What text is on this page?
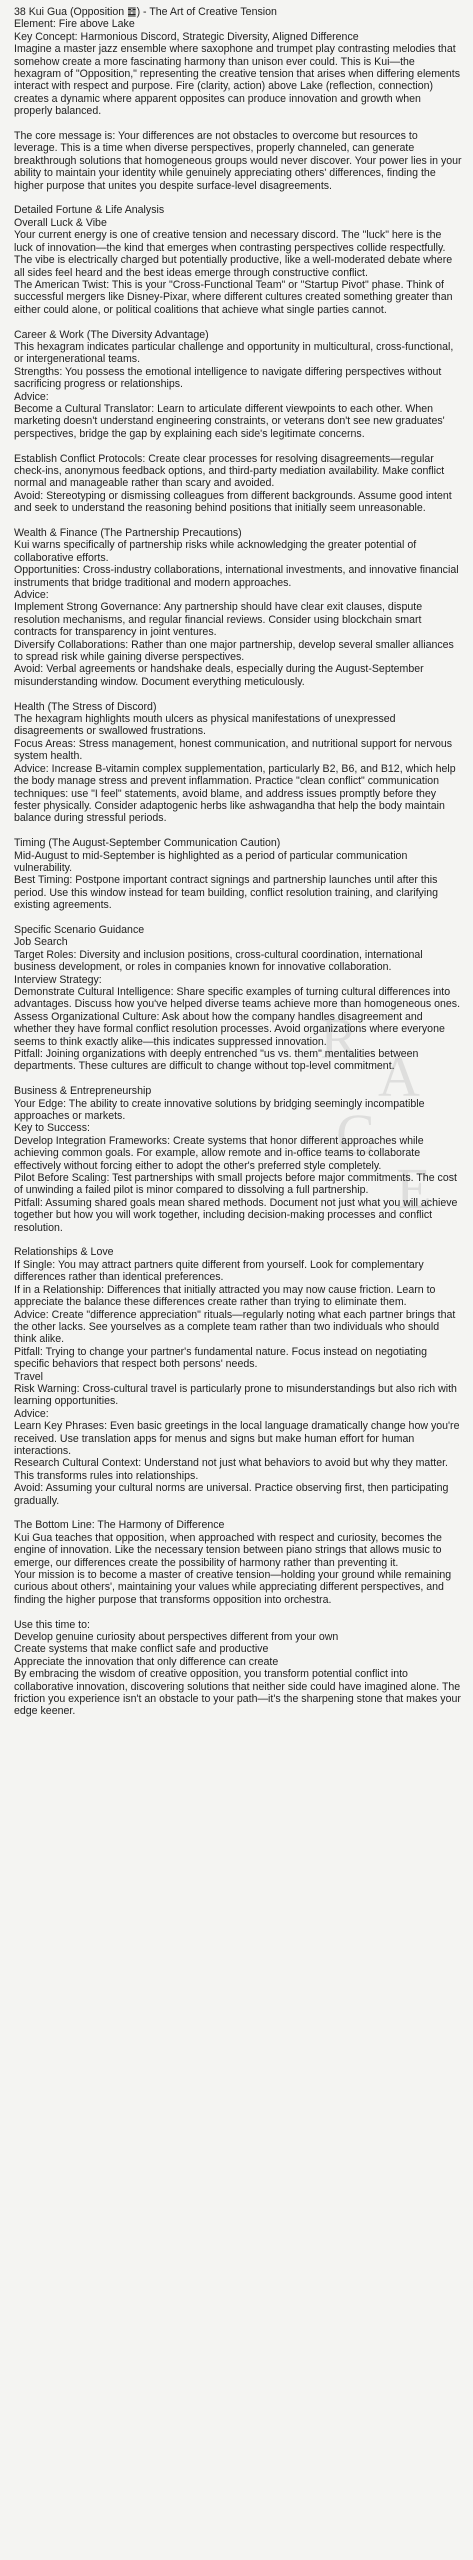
R
A
C
E

38 Kui Gua (Opposition ䷥) - The Art of Creative Tension

Element: Fire above Lake

Key Concept: Harmonious Discord, Strategic Diversity, Aligned Difference

Imagine a master jazz ensemble where saxophone and trumpet play contrasting melodies that somehow create a more fascinating harmony than unison ever could. This is Kui—the hexagram of "Opposition," representing the creative tension that arises when differing elements interact with respect and purpose. Fire (clarity, action) above Lake (reflection, connection) creates a dynamic where apparent opposites can produce innovation and growth when properly balanced.

The core message is: Your differences are not obstacles to overcome but resources to leverage. This is a time when diverse perspectives, properly channeled, can generate breakthrough solutions that homogeneous groups would never discover. Your power lies in your ability to maintain your identity while genuinely appreciating others' differences, finding the higher purpose that unites you despite surface-level disagreements.

Detailed Fortune & Life Analysis

Overall Luck & Vibe

Your current energy is one of creative tension and necessary discord. The "luck" here is the luck of innovation—the kind that emerges when contrasting perspectives collide respectfully. The vibe is electrically charged but potentially productive, like a well-moderated debate where all sides feel heard and the best ideas emerge through constructive conflict.

The American Twist: This is your "Cross-Functional Team" or "Startup Pivot" phase. Think of successful mergers like Disney-Pixar, where different cultures created something greater than either could alone, or political coalitions that achieve what single parties cannot.

Career & Work (The Diversity Advantage)

This hexagram indicates particular challenge and opportunity in multicultural, cross-functional, or intergenerational teams.

Strengths: You possess the emotional intelligence to navigate differing perspectives without sacrificing progress or relationships.

Advice:

Become a Cultural Translator: Learn to articulate different viewpoints to each other. When marketing doesn't understand engineering constraints, or veterans don't see new graduates' perspectives, bridge the gap by explaining each side's legitimate concerns.

Establish Conflict Protocols: Create clear processes for resolving disagreements—regular check-ins, anonymous feedback options, and third-party mediation availability. Make conflict normal and manageable rather than scary and avoided.

Avoid: Stereotyping or dismissing colleagues from different backgrounds. Assume good intent and seek to understand the reasoning behind positions that initially seem unreasonable.

Wealth & Finance (The Partnership Precautions)

Kui warns specifically of partnership risks while acknowledging the greater potential of collaborative efforts.

Opportunities: Cross-industry collaborations, international investments, and innovative financial instruments that bridge traditional and modern approaches.

Advice:

Implement Strong Governance: Any partnership should have clear exit clauses, dispute resolution mechanisms, and regular financial reviews. Consider using blockchain smart contracts for transparency in joint ventures.

Diversify Collaborations: Rather than one major partnership, develop several smaller alliances to spread risk while gaining diverse perspectives.

Avoid: Verbal agreements or handshake deals, especially during the August-September misunderstanding window. Document everything meticulously.

Health (The Stress of Discord)

The hexagram highlights mouth ulcers as physical manifestations of unexpressed disagreements or swallowed frustrations.

Focus Areas: Stress management, honest communication, and nutritional support for nervous system health.

Advice: Increase B-vitamin complex supplementation, particularly B2, B6, and B12, which help the body manage stress and prevent inflammation. Practice "clean conflict" communication techniques: use "I feel" statements, avoid blame, and address issues promptly before they fester physically. Consider adaptogenic herbs like ashwagandha that help the body maintain balance during stressful periods.

Timing (The August-September Communication Caution)

Mid-August to mid-September is highlighted as a period of particular communication vulnerability.

Best Timing: Postpone important contract signings and partnership launches until after this period. Use this window instead for team building, conflict resolution training, and clarifying existing agreements.

Specific Scenario Guidance

Job Search

Target Roles: Diversity and inclusion positions, cross-cultural coordination, international business development, or roles in companies known for innovative collaboration.

Interview Strategy:

Demonstrate Cultural Intelligence: Share specific examples of turning cultural differences into advantages. Discuss how you've helped diverse teams achieve more than homogeneous ones.

Assess Organizational Culture: Ask about how the company handles disagreement and whether they have formal conflict resolution processes. Avoid organizations where everyone seems to think exactly alike—this indicates suppressed innovation.

Pitfall: Joining organizations with deeply entrenched "us vs. them" mentalities between departments. These cultures are difficult to change without top-level commitment.

Business & Entrepreneurship

Your Edge: The ability to create innovative solutions by bridging seemingly incompatible approaches or markets.

Key to Success:

Develop Integration Frameworks: Create systems that honor different approaches while achieving common goals. For example, allow remote and in-office teams to collaborate effectively without forcing either to adopt the other's preferred style completely.

Pilot Before Scaling: Test partnerships with small projects before major commitments. The cost of unwinding a failed pilot is minor compared to dissolving a full partnership.

Pitfall: Assuming shared goals mean shared methods. Document not just what you will achieve together but how you will work together, including decision-making processes and conflict resolution.

Relationships & Love

If Single: You may attract partners quite different from yourself. Look for complementary differences rather than identical preferences.

If in a Relationship: Differences that initially attracted you may now cause friction. Learn to appreciate the balance these differences create rather than trying to eliminate them.

Advice: Create "difference appreciation" rituals—regularly noting what each partner brings that the other lacks. See yourselves as a complete team rather than two individuals who should think alike.

Pitfall: Trying to change your partner's fundamental nature. Focus instead on negotiating specific behaviors that respect both persons' needs.

Travel

Risk Warning: Cross-cultural travel is particularly prone to misunderstandings but also rich with learning opportunities.

Advice:

Learn Key Phrases: Even basic greetings in the local language dramatically change how you're received. Use translation apps for menus and signs but make human effort for human interactions.

Research Cultural Context: Understand not just what behaviors to avoid but why they matter. This transforms rules into relationships.

Avoid: Assuming your cultural norms are universal. Practice observing first, then participating gradually.

The Bottom Line: The Harmony of Difference

Kui Gua teaches that opposition, when approached with respect and curiosity, becomes the engine of innovation. Like the necessary tension between piano strings that allows music to emerge, our differences create the possibility of harmony rather than preventing it.

Your mission is to become a master of creative tension—holding your ground while remaining curious about others', maintaining your values while appreciating different perspectives, and finding the higher purpose that transforms opposition into orchestra.

Use this time to:

Develop genuine curiosity about perspectives different from your own

Create systems that make conflict safe and productive

Appreciate the innovation that only difference can create

By embracing the wisdom of creative opposition, you transform potential conflict into collaborative innovation, discovering solutions that neither side could have imagined alone. The friction you experience isn't an obstacle to your path—it's the sharpening stone that makes your edge keener.
